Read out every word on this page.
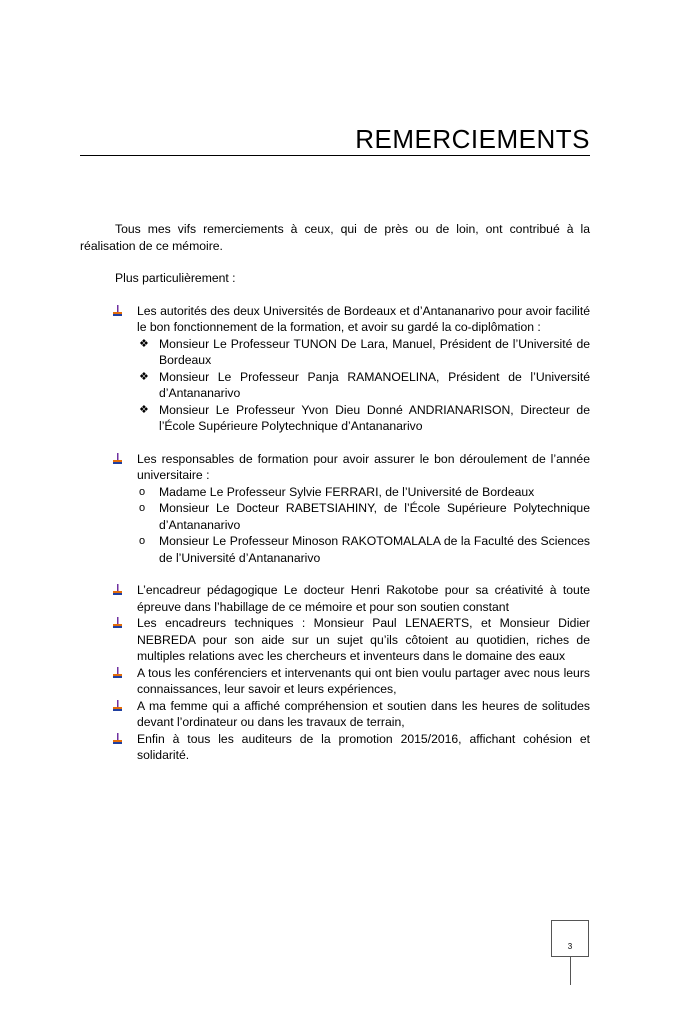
REMERCIEMENTS

Tous mes vifs remerciements à ceux, qui de près ou de loin, ont contribué à la réalisation de ce mémoire.

Plus particulièrement :

Les autorités des deux Universités de Bordeaux et d’Antananarivo pour avoir facilité le bon fonctionnement de la formation, et avoir su gardé la co-diplômation :
❖ Monsieur Le Professeur TUNON De Lara, Manuel, Président de l’Université de Bordeaux
❖ Monsieur Le Professeur Panja RAMANOELINA, Président de l’Université d’Antananarivo
❖ Monsieur Le Professeur Yvon Dieu Donné ANDRIANARISON, Directeur de l’École Supérieure Polytechnique d’Antananarivo
Les responsables de formation pour avoir assurer le bon déroulement de l’année universitaire :
o Madame Le Professeur Sylvie FERRARI, de l’Université de Bordeaux
o Monsieur Le Docteur RABETSIAHINY, de l’École Supérieure Polytechnique d’Antananarivo
o Monsieur Le Professeur Minoson RAKOTOMALALA de la Faculté des Sciences de l’Université d’Antananarivo
L’encadreur pédagogique Le docteur Henri Rakotobe pour sa créativité à toute épreuve dans l’habillage de ce mémoire et pour son soutien constant
Les encadreurs techniques : Monsieur Paul LENAERTS, et Monsieur Didier NEBREDA pour son aide sur un sujet qu’ils côtoient au quotidien, riches de multiples relations avec les chercheurs et inventeurs dans le domaine des eaux
A tous les conférenciers et intervenants qui ont bien voulu partager avec nous leurs connaissances, leur savoir et leurs expériences,
A ma femme qui a affiché compréhension et soutien dans les heures de solitudes devant l’ordinateur ou dans les travaux de terrain,
Enfin à tous les auditeurs de la promotion 2015/2016, affichant cohésion et solidarité.
3
